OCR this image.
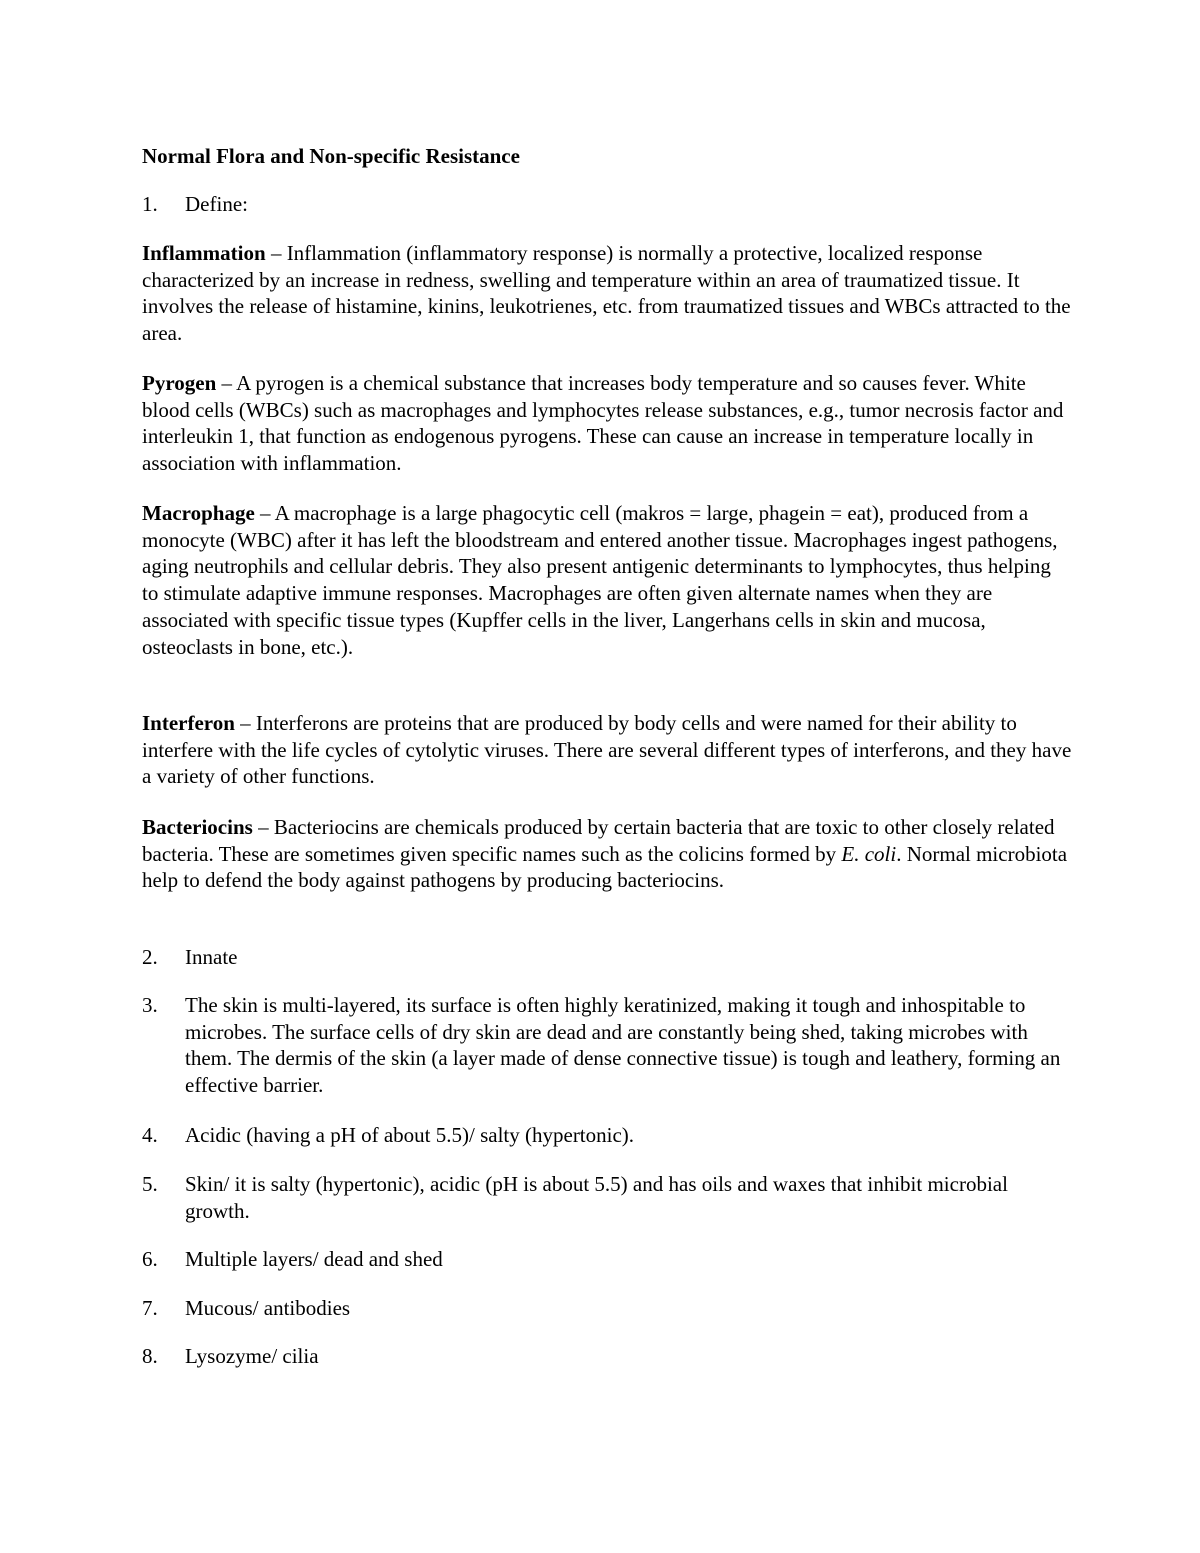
Normal Flora and Non-specific Resistance
1. Define:

Inflammation – Inflammation (inflammatory response) is normally a protective, localized response characterized by an increase in redness, swelling and temperature within an area of traumatized tissue. It involves the release of histamine, kinins, leukotrienes, etc. from traumatized tissues and WBCs attracted to the area.

Pyrogen – A pyrogen is a chemical substance that increases body temperature and so causes fever. White blood cells (WBCs) such as macrophages and lymphocytes release substances, e.g., tumor necrosis factor and interleukin 1, that function as endogenous pyrogens. These can cause an increase in temperature locally in association with inflammation.

Macrophage – A macrophage is a large phagocytic cell (makros = large, phagein = eat), produced from a monocyte (WBC) after it has left the bloodstream and entered another tissue. Macrophages ingest pathogens, aging neutrophils and cellular debris. They also present antigenic determinants to lymphocytes, thus helping to stimulate adaptive immune responses. Macrophages are often given alternate names when they are associated with specific tissue types (Kupffer cells in the liver, Langerhans cells in skin and mucosa, osteoclasts in bone, etc.).

Interferon – Interferons are proteins that are produced by body cells and were named for their ability to interfere with the life cycles of cytolytic viruses. There are several different types of interferons, and they have a variety of other functions.

Bacteriocins – Bacteriocins are chemicals produced by certain bacteria that are toxic to other closely related bacteria. These are sometimes given specific names such as the colicins formed by E. coli. Normal microbiota help to defend the body against pathogens by producing bacteriocins.

2. Innate
3. The skin is multi-layered, its surface is often highly keratinized, making it tough and inhospitable to microbes. The surface cells of dry skin are dead and are constantly being shed, taking microbes with them. The dermis of the skin (a layer made of dense connective tissue) is tough and leathery, forming an effective barrier.
4. Acidic (having a pH of about 5.5)/ salty (hypertonic).
5. Skin/ it is salty (hypertonic), acidic (pH is about 5.5) and has oils and waxes that inhibit microbial growth.
6. Multiple layers/ dead and shed
7. Mucous/ antibodies
8. Lysozyme/ cilia
